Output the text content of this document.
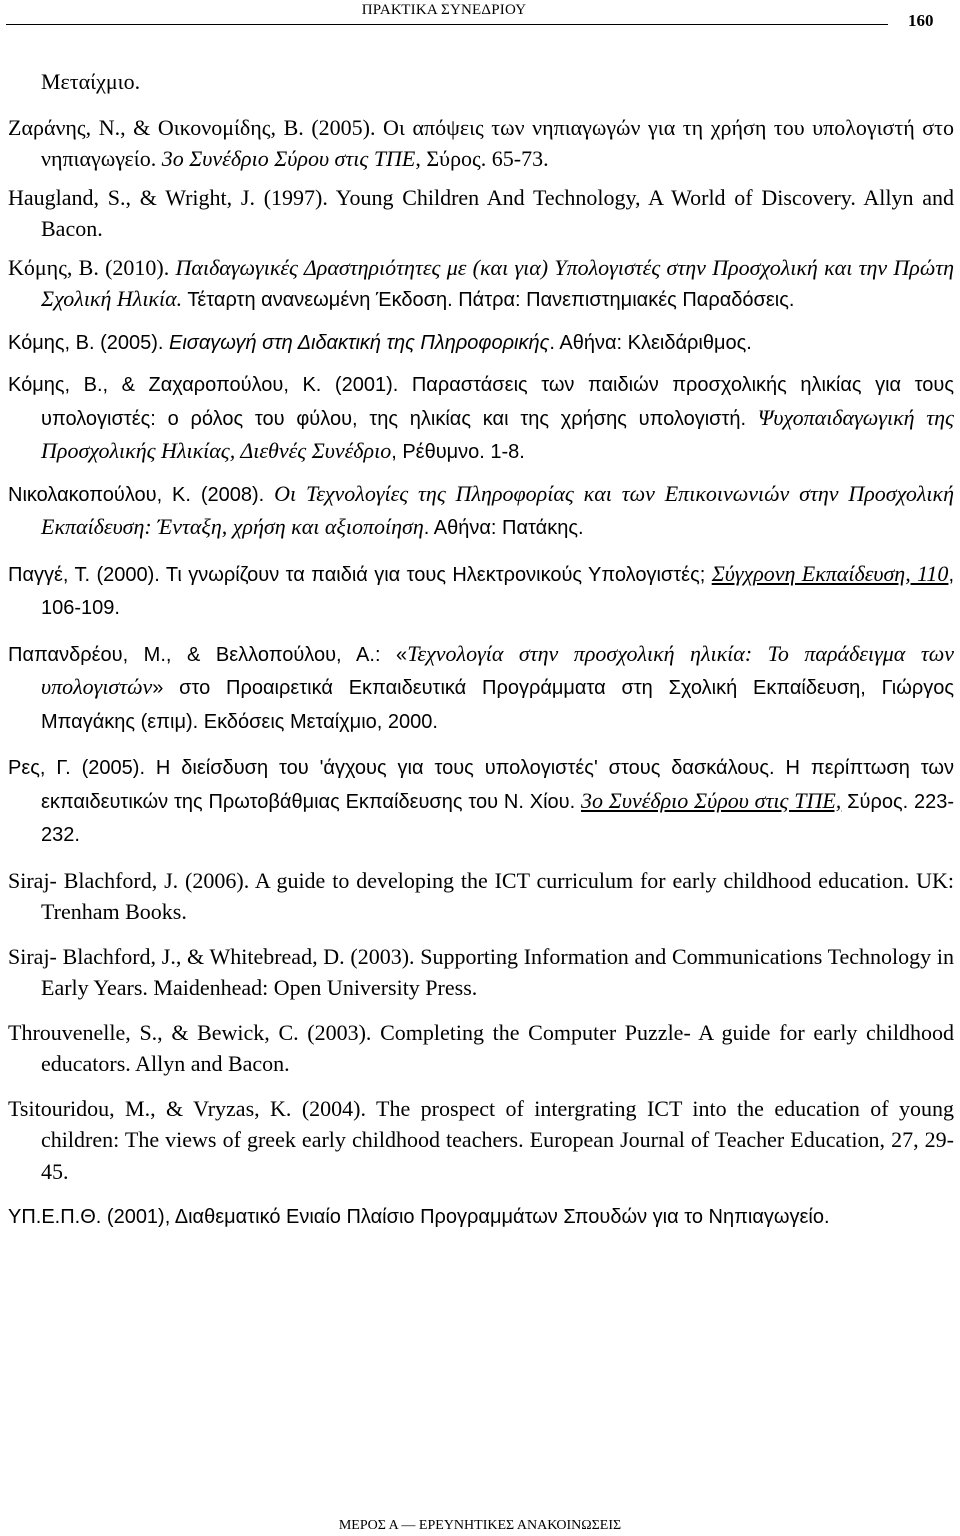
ΠΡΑΚΤΙΚΑ ΣΥΝΕΔΡΙΟΥ
160

Μεταίχμιο.

Ζαράνης, Ν., & Οικονομίδης, Β. (2005). Οι απόψεις των νηπιαγωγών για τη χρήση του υπολογιστή στο νηπιαγωγείο. 3ο Συνέδριο Σύρου στις ΤΠΕ, Σύρος. 65-73.

Haugland, S., & Wright, J. (1997). Young Children And Technology, A World of Discovery. Allyn and Bacon.

Κόμης, Β. (2010). Παιδαγωγικές Δραστηριότητες με (και για) Υπολογιστές στην Προσχολική και την Πρώτη Σχολική Ηλικία. Τέταρτη ανανεωμένη Έκδοση. Πάτρα: Πανεπιστημιακές Παραδόσεις.

Κόμης, Β. (2005). Εισαγωγή στη Διδακτική της Πληροφορικής. Αθήνα: Κλειδάριθμος.

Κόμης, Β., & Ζαχαροπούλου, Κ. (2001). Παραστάσεις των παιδιών προσχολικής ηλικίας για τους υπολογιστές: ο ρόλος του φύλου, της ηλικίας και της χρήσης υπολογιστή. Ψυχοπαιδαγωγική της Προσχολικής Ηλικίας, Διεθνές Συνέδριο, Ρέθυμνο. 1-8.

Νικολακοπούλου, Κ. (2008). Οι Τεχνολογίες της Πληροφορίας και των Επικοινωνιών στην Προσχολική Εκπαίδευση: Ένταξη, χρήση και αξιοποίηση. Αθήνα: Πατάκης.

Παγγέ, Τ. (2000). Τι γνωρίζουν τα παιδιά για τους Ηλεκτρονικούς Υπολογιστές; Σύγχρονη Εκπαίδευση, 110, 106-109.

Παπανδρέου, Μ., & Βελλοπούλου, Α.: «Τεχνολογία στην προσχολική ηλικία: Το παράδειγμα των υπολογιστών» στο Προαιρετικά Εκπαιδευτικά Προγράμματα στη Σχολική Εκπαίδευση, Γιώργος Μπαγάκης (επιμ). Εκδόσεις Μεταίχμιο, 2000.

Ρες, Γ. (2005). Η διείσδυση του 'άγχους για τους υπολογιστές' στους δασκάλους. Η περίπτωση των εκπαιδευτικών της Πρωτοβάθμιας Εκπαίδευσης του Ν. Χίου. 3ο Συνέδριο Σύρου στις ΤΠΕ, Σύρος. 223-232.

Siraj- Blachford, J. (2006). A guide to developing the ICT curriculum for early childhood education. UK: Trenham Books.

Siraj- Blachford, J., & Whitebread, D. (2003). Supporting Information and Communications Technology in Early Years. Maidenhead: Open University Press.

Throuvenelle, S., & Bewick, C. (2003). Completing the Computer Puzzle- A guide for early childhood educators. Allyn and Bacon.

Tsitouridou, M., & Vryzas, K. (2004). The prospect of intergrating ICT into the education of young children: The views of greek early childhood teachers. European Journal of Teacher Education, 27, 29-45.

ΥΠ.Ε.Π.Θ. (2001), Διαθεματικό Ενιαίο Πλαίσιο Προγραμμάτων Σπουδών για το Νηπιαγωγείο.

ΜΕΡΟΣ Α — ΕΡΕΥΝΗΤΙΚΕΣ ΑΝΑΚΟΙΝΩΣΕΙΣ
